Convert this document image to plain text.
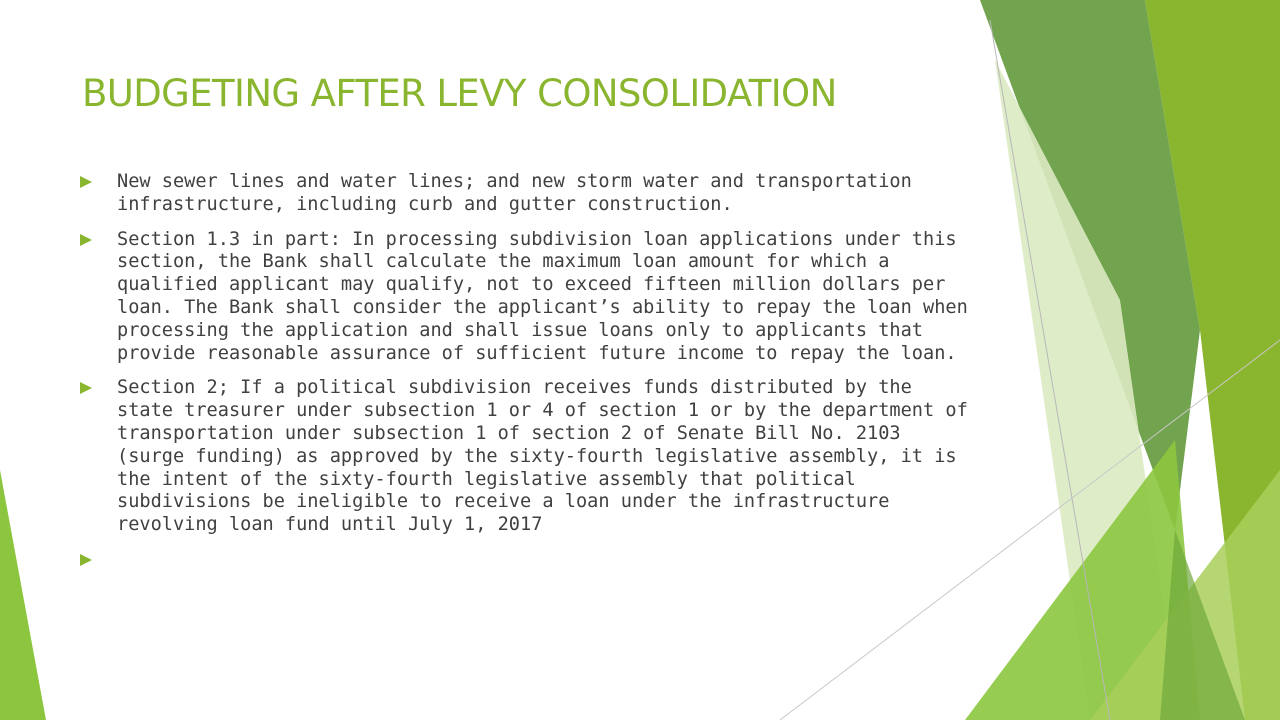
BUDGETING AFTER LEVY CONSOLIDATION
New sewer lines and water lines; and new storm water and transportation infrastructure, including curb and gutter construction.
Section 1.3 in part: In processing subdivision loan applications under this section, the Bank shall calculate the maximum loan amount for which a qualified applicant may qualify, not to exceed fifteen million dollars per loan. The Bank shall consider the applicant’s ability to repay the loan when processing the application and shall issue loans only to applicants that provide reasonable assurance of sufficient future income to repay the loan.
Section 2; If a political subdivision receives funds distributed by the state treasurer under subsection 1 or 4 of section 1 or by the department of transportation under subsection 1 of section 2 of Senate Bill No. 2103 (surge funding) as approved by the sixty-fourth legislative assembly, it is the intent of the sixty-fourth legislative assembly that political subdivisions be ineligible to receive a loan under the infrastructure revolving loan fund until July 1, 2017
